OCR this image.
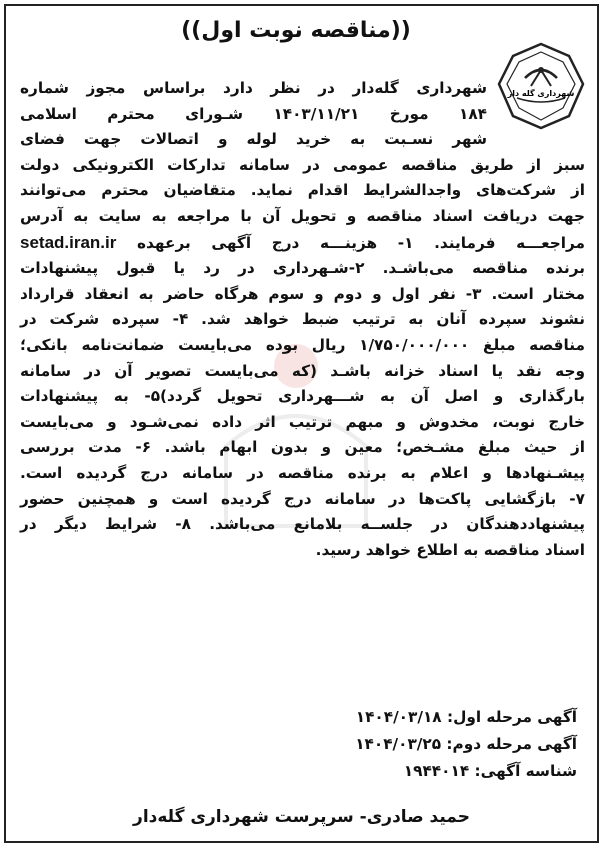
((مناقصه نوبت اول))
شهرداری گله دار
شهرداری گله‌دار در نظر دارد براساس مجوز شماره
۱۸۴ مورخ ۱۴۰۳/۱۱/۲۱ شـورای محترم اسلامی
شهر نسـبت به خرید لوله و اتصالات جهت فضای
سبز از طریق مناقصه عمومی در سامانه تدارکات الکترونیکی دولت
از شرکت‌های واجدالشرایط اقدام نماید. متقاضیان محترم می‌توانند
جهت دریافت اسناد مناقصه و تحویل آن با مراجعه به سایت به آدرس
مراجعـــه فرمایند. ۱- هزینـــه درج آگهی برعهده setad.iran.ir
برنده مناقصه می‌باشـد. ۲-شـهرداری در رد یا قبول پیشنهادات
مختار است. ۳- نفر اول و دوم و سوم هرگاه حاضر به انعقاد قرارداد
نشوند سپرده آنان به ترتیب ضبط خواهد شد. ۴- سپرده شرکت در
مناقصه مبلغ ۱/۷۵۰/۰۰۰/۰۰۰ ریال بوده می‌بایست ضمانت‌نامه بانکی؛
وجه نقد یا اسناد خزانه باشـد (که می‌بایست تصویر آن در سامانه
بارگذاری و اصل آن به شـــهرداری تحویل گردد)۵- به پیشنهادات
خارج نوبت، مخدوش و مبهم ترتیب اثر داده نمی‌شـود و می‌بایست
از حیث مبلغ مشـخص؛ معین و بدون ابهام باشد. ۶- مدت بررسی
پیشـنهادها و اعلام به برنده مناقصه در سامانه درج گردیده است.
۷- بازگشایی پاکت‌ها در سامانه درج گردیده است و همچنین حضور
پیشنهاددهندگان در جلســه بلامانع می‌باشد. ۸- شرایط دیگر در
اسناد مناقصه به اطلاع خواهد رسید.
آگهی مرحله اول: ۱۴۰۴/۰۳/۱۸
آگهی مرحله دوم: ۱۴۰۴/۰۳/۲۵
شناسه آگهی: ۱۹۴۴۰۱۴
حمید صادری- سرپرست شهرداری گله‌دار
